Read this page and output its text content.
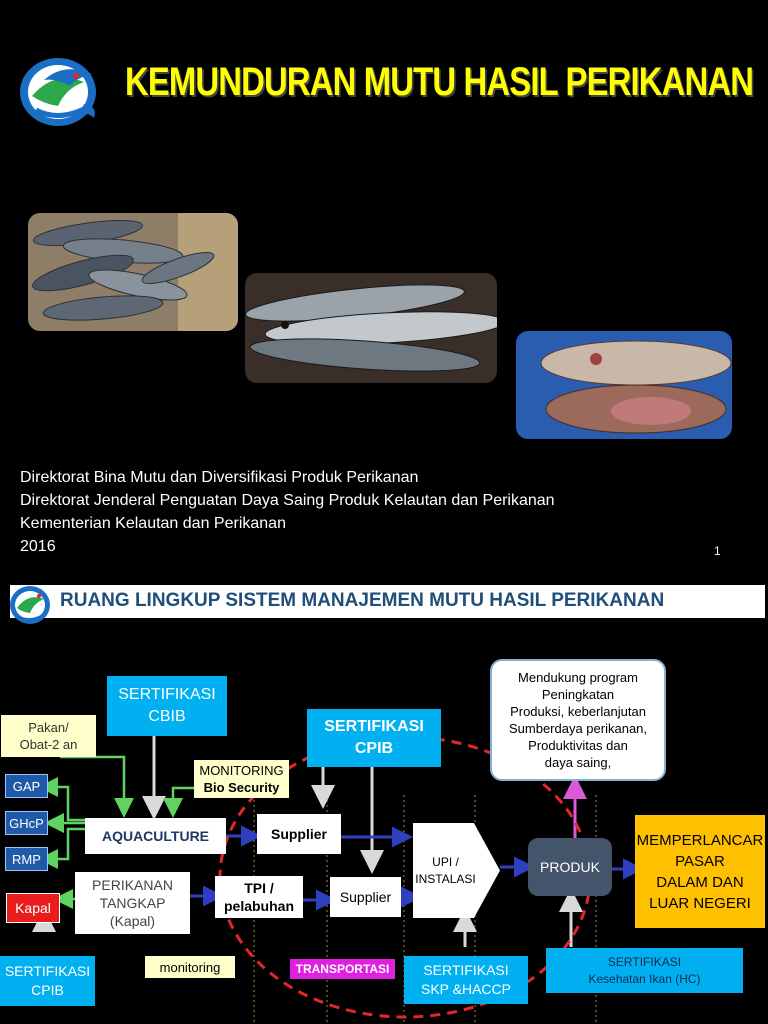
KEMUNDURAN MUTU HASIL PERIKANAN
Direktorat Bina Mutu dan Diversifikasi Produk Perikanan
Direktorat Jenderal Penguatan Daya Saing Produk Kelautan dan Perikanan
Kementerian Kelautan dan Perikanan
2016	1
RUANG LINGKUP SISTEM MANAJEMEN MUTU HASIL PERIKANAN
SERTIFIKASI
CBIB
SERTIFIKASI
CPIB
Pakan/
Obat-2 an
MONITORING
Bio Security
GAP
GHcP
RMP
AQUACULTURE	Supplier
PERIKANAN
TANGKAP
(Kapal)
TPI /
pelabuhan
Supplier
Kapal
UPI /
INSTALASI
PRODUK
Mendukung program
Peningkatan
Produksi, keberlanjutan
Sumberdaya perikanan,
Produktivitas dan
daya saing,
MEMPERLANCAR
PASAR
DALAM DAN
LUAR NEGERI
SERTIFIKASI
CPIB
monitoring	TRANSPORTASI	SERTIFIKASI
SKP &HACCP
SERTIFIKASI
Kesehatan Ikan (HC)
